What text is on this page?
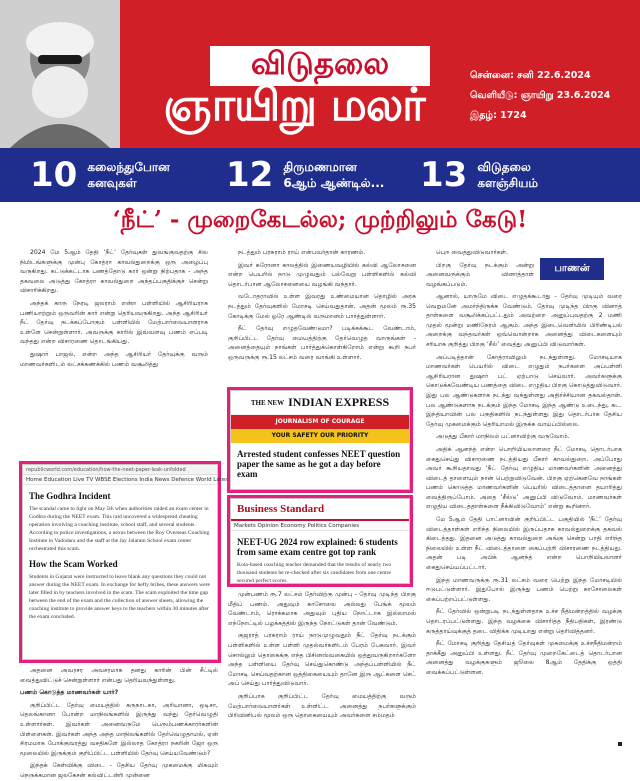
விடுதலை
ஞாயிறு மலர்
சென்னை: சனி 22.6.2024
வெளியீடு: ஞாயிறு 23.6.2024
இதழ்: 1724
10 கலைந்துபோன
கனவுகள்	12 திருமணமான
6ஆம் ஆண்டில்... 13 விடுதலை
களஞ்சியம்
‘நீட்’ - முறைகேடல்ல; முற்றிலும் கேடு!
பாணன்

2024 மே 5ஆம் தேதி ‘நீட்’ தேர்வுகள் துவங்குவதற்கு சில நிமிடங்களுக்கு முன்பு கோத்ரா காவல்துறைக்கு ஒரு அழைப்பு வருகிறது. கட்டுக்கட்டாக பணத்தோடு கார் ஒன்று நிற்பதாக - அந்த தகவலை அடுத்து கோத்ரா காவல்துறை அந்தப்பகுதிக்குச் சென்று விசாரிக்கிறது.

அந்தக் காரு நேரடி ஜலராம் என்ற பள்ளியில் ஆசிரியராக பணியாற்றும் ஒருவரின் கார் என்று தெரியவருகிறது. அந்த ஆசிரியர் நீட் தேர்வு நடக்கப்போகும் பள்ளியில் மேற்பார்வையாளராக உள்ளே சென்றுள்ளார். அவருக்கு காரில் இவ்வளவு பணம் எப்படி வந்தது என்ற விசாரணை தொடங்கியது.

துஷார் பாஜல், என்ற அந்த ஆசிரியர் தேர்வுக்கு வரும் மாணவர்களிடம் லட்சக்கணக்கில் பணம் வசூலித்து

republicworld.com/education/how-the-neet-paper-leak-unfolded
Home Education Live TV WBSE Elections India News Defence World Latest
The Godhra Incident
The scandal came to light on May 5th when authorities raided an exam center in Godhra during the NEET exam. This raid uncovered a widespread cheating operation involving a coaching institute, school staff, and several students. According to police investigations, a nexus between the Roy Overseas Coaching Institute in Vadodara and the staff at the Jay Jalaram School exam center orchestrated this scam.
How the Scam Worked
Students in Gujarat were instructed to leave blank any questions they could not answer during the NEET exam. In exchange for hefty bribes, these answers were later filled in by teachers involved in the scam. The scam exploited the time gap between the end of the exam and the collection of answer sheets, allowing the coaching institute to provide answer keys to the teachers within 30 minutes after the exam concluded.

அதனை அவரசர அவசரமாக தனது காரின் பின் சீட்டில் வைத்துவிட்டுச் சென்றுள்ளார் என்பது தெரியவந்துள்ளது.

பணம் கொடுத்த மாணவர்கள் யார்?

குறிப்பிட்ட தேர்வு மையத்தில் கருநாடகா, அரியானா, ஒடிசா, தெலங்கானா போன்ற மாநிலங்களில் இருந்து வந்து தேர்வெழுதி உள்ளார்கள். இவர்கள் அனைவருமே பெரும்பணக்காரர்களின் பிள்ளைகள். இவர்கள் அந்த அந்த மாநிலங்களில் தேர்வெழுதாமல், ஏன் சிரமமாக போக்குவரத்து வசதிகளே இல்லாத கோத்ரா நகரின் ஜோ ஒரு மூலையில் இருக்கும் குறிப்பிட்ட பள்ளியில் தேர்வு செய்யவேண்டும்?

இந்தக் கேள்விக்கு விடை - தேசிய தேர்வு முகமைக்கு மிகவும் நெருக்கமான ஜலகேசன் கல்விட்டன்ரி முன்னை

நடத்தும் பரசுராம் ராய் என்பவர்தான் காரணம்.

இவர் சுரோனா காலத்தில் இணையவழியில் கல்வி ஆலோசனை என்ற பெயரில் நாடு முழுவதும் பல்வேறு பள்ளிகளில் கல்வி தொடர்பான ஆலோசனையை வழங்கி வந்தார்.

வடோதராவில் உள்ள இவரது உண்மையான தொழில் அரசு நடத்தும் தேர்வுகளில் மோசடி செய்வதுதான். அதன் மூலம் ரூ.35 கோடிக்கு மேல் ஓரே ஆண்டில் வருமானம் பார்த்துள்ளார்.

நீட் தேர்வு எழுதவேண்டுமா? படிக்கக்கூட வேண்டாம், குறிப்பிட்ட தேர்வு மையத்திற்கு தேர்வெழுத வாருங்கள் - அனைத்தையும் நாங்கள் பார்த்துக்கொள்கிறோம் என்று கூறி நபர் ஒருவருக்கு ரூ.15 லட்சம் வரை வாங்கி உள்ளார்.

THE NEW INDIAN EXPRESS
JOURNALISM OF COURAGE
YOUR SAFETY OUR PRIORITY
Arrested student confesses NEET question paper the same as he got a day before exam
Business Standard
Markets Opinion Economy Politics Companies
NEET-UG 2024 row explained: 6 students from same exam centre got top rank
Kota-based coaching teacher demanded that the results of nearly two thousand students be re-checked after six candidates from one centre secured perfect scores.

முன்பணம் ரூ.7 லட்சம் தேர்விற்கு முன்பு - தேர்வு முடிந்த பிறகு மீதிப் பணம். அதுவும் காசோலை அல்லது பேங்க் மூலம் வேண்டாம், ரொக்கமாக அதுவும் புதிய நோட்டாக இல்லாமல் எந்நோட்டில் பழக்கத்தில் இருந்த நோட்டுகள் தான் வேண்டும்.

குஜராத் பரசுராம் ராய் நாடுமுழுவதும் நீட் தேர்வு நடக்கும் பள்ளிகளில் உள்ள பள்ளி முதல்வர்களிடம் பேரம் பேசுவார். இவர் சொல்லும் தொகைக்கு எந்த பிசினஸ்வகையில் ஒத்துவருகிறார்களோ அந்த பள்ளியை தேர்வு செய்துகொண்டு அந்தப்பள்ளியில் நீட் மோசடி செய்வதற்கான ஒத்திகையையும் தானே இரு ஆட்களை செட் அப் செய்து பார்த்துவிடுவார்.

குறிப்பாக குறிப்பிட்ட தேர்வு மையத்திற்கு வரும் மேற்பார்வையாளர்கள் உள்ளிட்ட அனைத்து நபர்களுக்கும் பிரிவினிபல் மூலம் ஒரு தொகையையும் அவர்களை சம்மதம்

பெற வைத்துவிடுவார்கள்.

பிறகு தேர்வு நடக்கும் அன்று அனைவருக்கும் வினாத்தாள் வழங்கப்படும்.

ஆனால், யாருமே விடை எழுதக்கூடாது - தேர்வு முடியும் வரை வெறுமனே அமர்ந்திருக்க வேண்டும். தேர்வு முடிந்த பிறகு வினாத் தாள்களை வசூலிக்கப்பட்டதும் அவற்றை அனுப்புவதற்கு 2 மணி முதல் மூன்று மணிநேரம் ஆகும். அந்த இடைவெளியில் பிரிண்டிபல் அறைக்கு வந்தவர்கள் ஒவ்வொன்றாக அனைத்து விடைகளையும் சரியாக குறித்து பிறகு ‘சீல்’ வைத்து அனுப்பி விடுவார்கள்.

அப்படித்தான் கோத்ராவிலும் நடந்துள்ளது. மோசடியாக மாணவர்கள் பெயரில் விடை எழுதும் நபர்களை அப்பள்ளி ஆசிரியரான துஷார் பட் ஏற்பாடு செய்வார். அவர்களுக்கு கொடுக்கவேண்டிய பணத்தை விடை எழுதிய பிறகு கொடுத்துவிடுவார். இது பல ஆண்டுகளாக நடந்து வந்துள்ளது அதிர்ச்சியான தகவல்தான். பல ஆண்டுகளாக நடக்கும் இந்த மோசடி இந்த ஆண்டு உடைந்து, கட. இந்தியாவின் பல பகுதிகளில் நடந்துள்ளது இது தொடர்பாக தேசிய தேர்வு முகமைக்கும் தெரியாமல் இருக்க வாய்ப்பில்லை.

அடுத்து பீகார் மாநிலம் பட்னாவிற்கு வருவோம்.

அதிக் ஆனந்த் என்ற பொறியியலாளரை நீட் மோசடி தொடர்பாக கைதுசெய்து விசாரணை நடத்தியது பீகார் காவல்துறை. அப்போது அவர் கூறியதாவது ‘நீட் தேர்வு எழுதிய மாணவர்களின் அனைத்து விடைத் தாளையும் நான் பெற்றுவிடுவேன். பிறகு ஏற்கெனவே நாங்கள் பணம் கொடுத்த மாணவர்களின் பெயரில் விடைத்தாளை தயாரித்து வைத்திருப்போம். அதை ‘சீல்டு’ அனுப்பி விடுவோம். மாணவர்கள் எழுதிய விடைத்தாள்களை நீக்கிவிடுவோம்’ என்று கூறினார்.

மே 5ஆம் தேதி பாட்னாவின் குறிப்பிட்ட பகுதியில் ‘நீட்’ தேர்வு விடைத்தாள்கள் எரிந்த நிலையில் இருப்பதாக காவல்துறைக்கு தகவல் கிடைத்தது. இதனை அடுத்து காவல்துறை அங்கு சென்று பாதி எரிந்த நிலையில் உள்ள நீட் விடைத்தாளை கைப்பற்றி விசாரணை நடத்தியது. அதன் படி அபிக் ஆனந்த் என்ற பொறியியலாளர் கைதுசெய்யப்பட்டார்.

இந்த மாணவருக்கு ரூ.31 லட்சம் வரை பெற்று இந்த மோசடியில் ஈடுபட்டுள்ளார். இதுபோல் இருந்து பணம் பெற்று காசோலைகள் கைப்பற்றப்பட்டுள்ளது.

நீட் தேர்வில் ஒன்றுபடி நடந்துள்ளதாக உச்ச நீதிமன்றத்தில் வழக்கு தொடரப்பட்டுள்ளது. இந்த வழக்கை விசாரித்த நீதிபதிகள், இரண்டு கருத்தாய்வுக்குத் தடை விதிக்க முடியாது என்று தெரிவித்தனர்.

நீட் மோசடி குறித்து தேசியத் தேர்வுகள் முகமைக்கு உச்சநீதிமன்றம் தாக்கீது அனுப்பி உள்ளது. நீட் தேர்வு முறைகேட்டைத் தொடர்பான அனைத்து வழக்குகளும் ஜூலை 8ஆம் தேதிக்கு ஒத்தி வைக்கப்பட்டுள்ளன.
